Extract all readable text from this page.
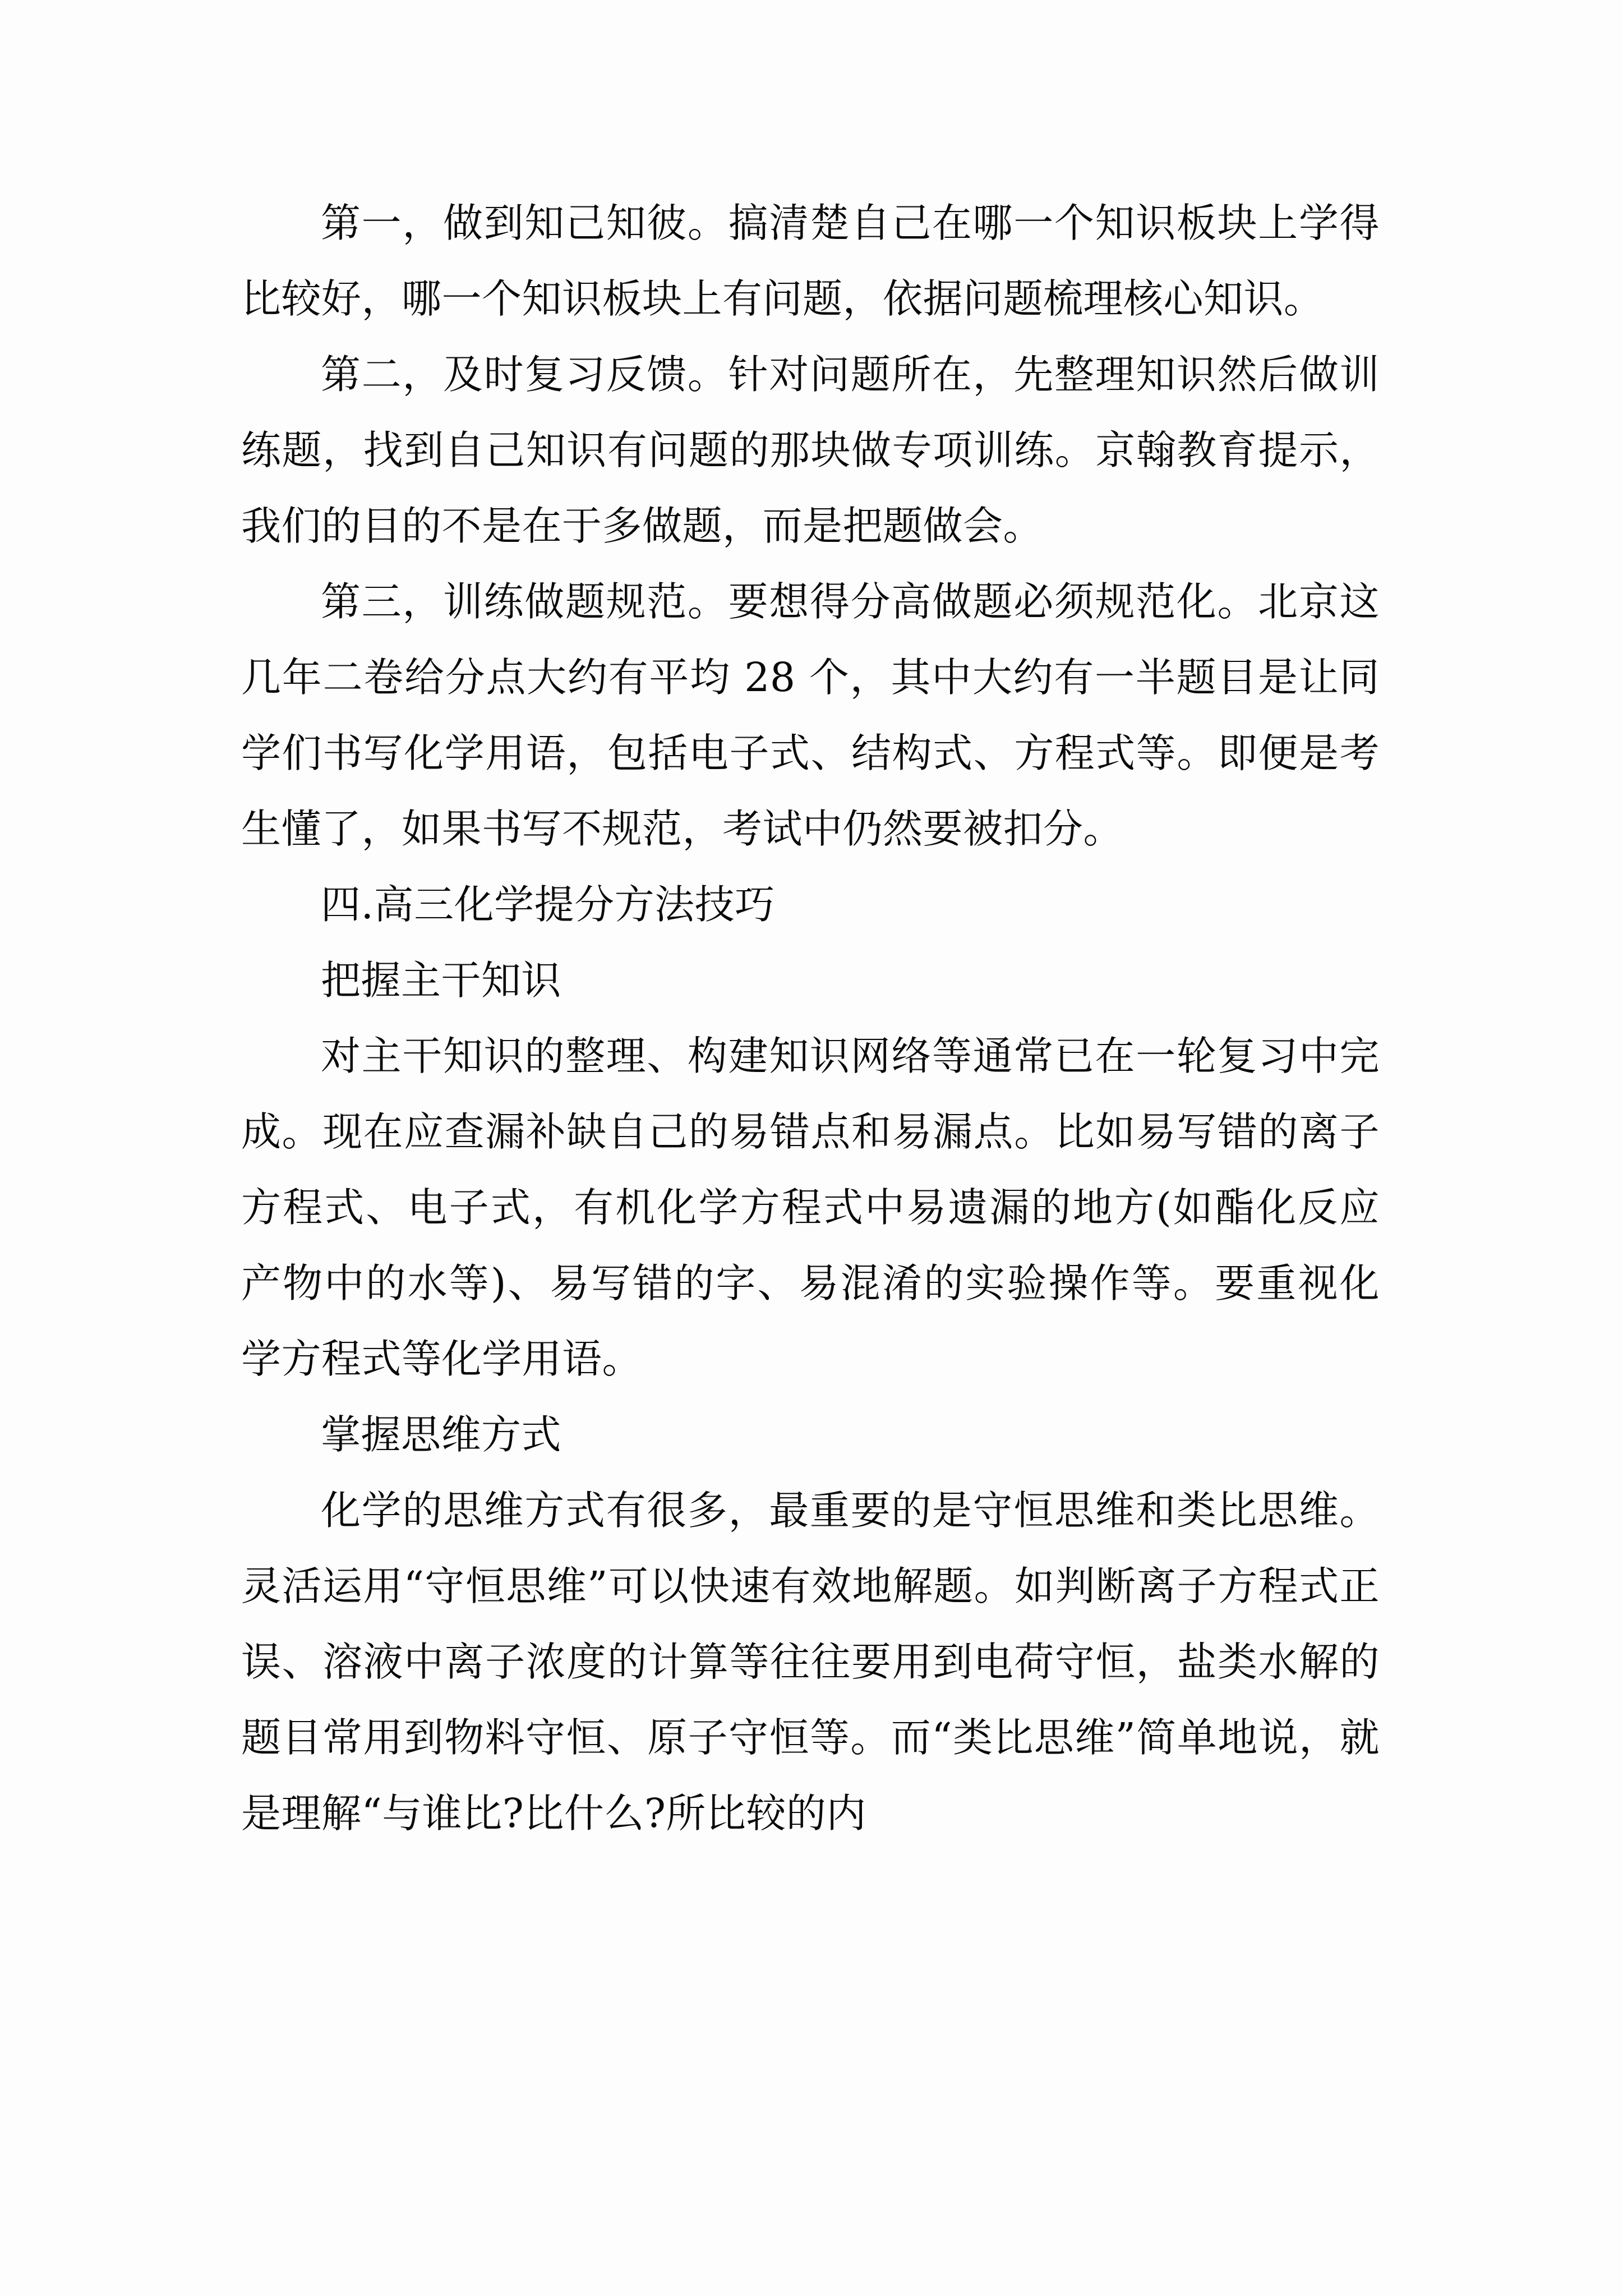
第一，做到知己知彼。搞清楚自己在哪一个知识板块上学得比较好，哪一个知识板块上有问题，依据问题梳理核心知识。

第二，及时复习反馈。针对问题所在，先整理知识然后做训练题，找到自己知识有问题的那块做专项训练。京翰教育提示，我们的目的不是在于多做题，而是把题做会。

第三，训练做题规范。要想得分高做题必须规范化。北京这几年二卷给分点大约有平均 28 个，其中大约有一半题目是让同学们书写化学用语，包括电子式、结构式、方程式等。即便是考生懂了，如果书写不规范，考试中仍然要被扣分。

四.高三化学提分方法技巧

把握主干知识

对主干知识的整理、构建知识网络等通常已在一轮复习中完成。现在应查漏补缺自己的易错点和易漏点。比如易写错的离子方程式、电子式，有机化学方程式中易遗漏的地方(如酯化反应产物中的水等)、易写错的字、易混淆的实验操作等。要重视化学方程式等化学用语。

掌握思维方式

化学的思维方式有很多，最重要的是守恒思维和类比思维。灵活运用“守恒思维”可以快速有效地解题。如判断离子方程式正误、溶液中离子浓度的计算等往往要用到电荷守恒，盐类水解的题目常用到物料守恒、原子守恒等。而“类比思维”简单地说，就是理解“与谁比?比什么?所比较的内
